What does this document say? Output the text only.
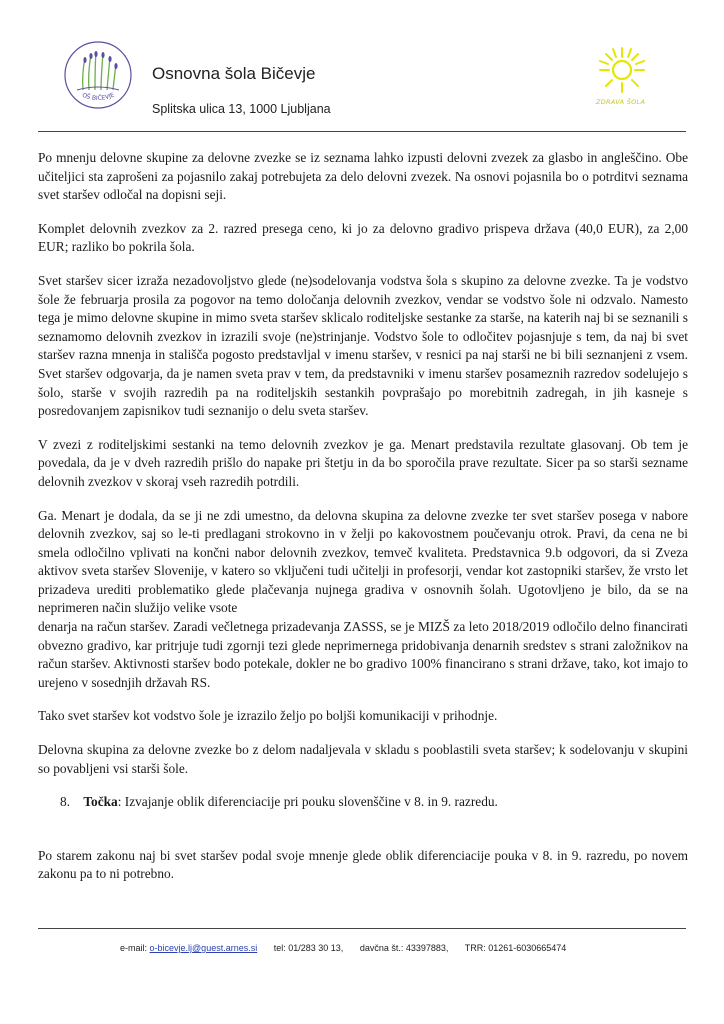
OŠ BIČEVJE
Osnovna šola Bičevje
Splitska ulica 13, 1000 Ljubljana	ZDRAVA ŠOLA

Po mnenju delovne skupine za delovne zvezke se iz seznama lahko izpusti delovni zvezek za glasbo in angleščino. Obe učiteljici sta zaprošeni za pojasnilo zakaj potrebujeta za delo delovni zvezek. Na osnovi pojasnila bo o potrditvi seznama svet staršev odločal na dopisni seji.

Komplet delovnih zvezkov za 2. razred presega ceno, ki jo za delovno gradivo prispeva država (40,0 EUR), za 2,00 EUR; razliko bo pokrila šola.

Svet staršev sicer izraža nezadovoljstvo glede (ne)sodelovanja vodstva šola s skupino za delovne zvezke. Ta je vodstvo šole že februarja prosila za pogovor na temo določanja delovnih zvezkov, vendar se vodstvo šole ni odzvalo. Namesto tega je mimo delovne skupine in mimo sveta staršev sklicalo roditeljske sestanke za starše, na katerih naj bi se seznanili s seznamomo delovnih zvezkov in izrazili svoje (ne)strinjanje. Vodstvo šole to odločitev pojasnjuje s tem, da naj bi svet staršev razna mnenja in stališča pogosto predstavljal v imenu staršev, v resnici pa naj starši ne bi bili seznanjeni z vsem. Svet staršev odgovarja, da je namen sveta prav v tem, da predstavniki v imenu staršev posameznih razredov sodelujejo s šolo, starše v svojih razredih pa na roditeljskih sestankih povprašajo po morebitnih zadregah, in jih kasneje s posredovanjem zapisnikov tudi seznanijo o delu sveta staršev.

V zvezi z roditeljskimi sestanki na temo delovnih zvezkov je ga. Menart predstavila rezultate glasovanj. Ob tem je povedala, da je v dveh razredih prišlo do napake pri štetju in da bo sporočila prave rezultate. Sicer pa so starši sezname delovnih zvezkov v skoraj vseh razredih potrdili.

Ga. Menart je dodala, da se ji ne zdi umestno, da delovna skupina za delovne zvezke ter svet staršev posega v nabore delovnih zvezkov, saj so le-ti predlagani strokovno in v želji po kakovostnem poučevanju otrok. Pravi, da cena ne bi smela odločilno vplivati na končni nabor delovnih zvezkov, temveč kvaliteta. Predstavnica 9.b odgovori, da si Zveza aktivov sveta staršev Slovenije, v katero so vključeni tudi učitelji in profesorji, vendar kot zastopniki staršev, že vrsto let prizadeva urediti problematiko glede plačevanja nujnega gradiva v osnovnih šolah. Ugotovljeno je bilo, da se na neprimeren način služijo velike vsote

denarja na račun staršev. Zaradi večletnega prizadevanja ZASSS, se je MIZŠ za leto 2018/2019 odločilo delno financirati obvezno gradivo, kar pritrjuje tudi zgornji tezi glede neprimernega pridobivanja denarnih sredstev s strani založnikov na račun staršev. Aktivnosti staršev bodo potekale, dokler ne bo gradivo 100% financirano s strani države, tako, kot imajo to urejeno v sosednjih državah RS.

Tako svet staršev kot vodstvo šole je izrazilo željo po boljši komunikaciji v prihodnje.

Delovna skupina za delovne zvezke bo z delom nadaljevala v skladu s pooblastili sveta staršev; k sodelovanju v skupini so povabljeni vsi starši šole.

8. Točka: Izvajanje oblik diferenciacije pri pouku slovenščine v 8. in 9. razredu.

Po starem zakonu naj bi svet staršev podal svoje mnenje glede oblik diferenciacije pouka v 8. in 9. razredu, po novem zakonu pa to ni potrebno.

e-mail: o-bicevje.lj@guest.arnes.si tel: 01/283 30 13, davčna št.: 43397883, TRR: 01261-6030665474
